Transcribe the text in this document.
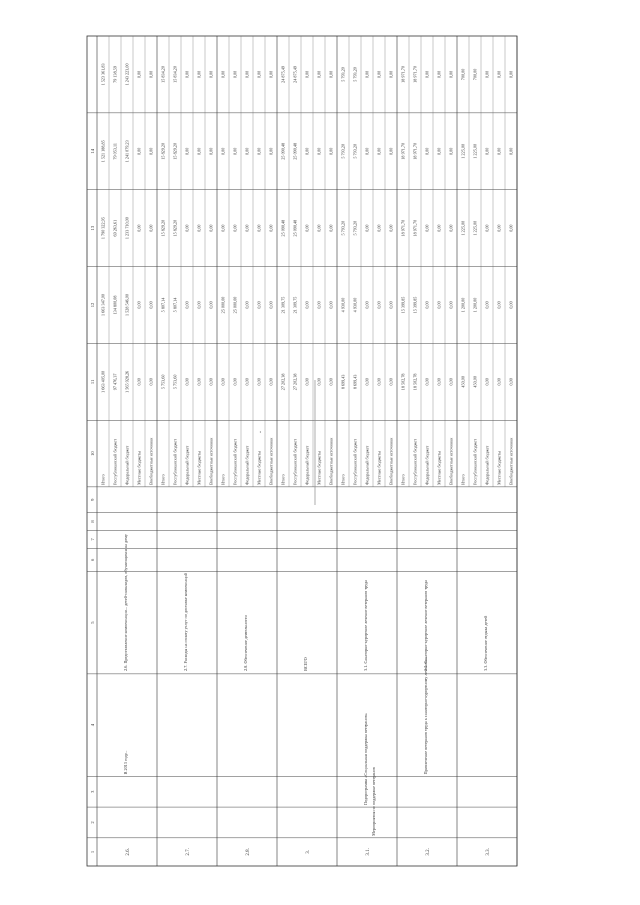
·
1
2
3
4
5
6
7
8
9
10
11
12
13
14
2.6.
2.6. Предоставление компенсации... детей-инвалидов, обучающихся на дому
Итого
1 663 405,00
1 663 347,00
1 790 322,95
1 521 188,85
1 523 361,83
Республиканский бюджет
97 476,37
134 800,08
69 263,61
79 053,11
79 138,59
Федеральный бюджет
1 565 928,26
1 528 546,00
1 233 710,00
1 241 079,23
1 243 223,00
Местные бюджеты
0,00
0,00
0,00
0,00
0,00
Внебюджетные источники
0,00
0,00
0,00
0,00
0,00
2.7.
2.7. Расходы на оплату услуг по доставке компенсаций
Итого
5 753,60
5 807,14
15 829,20
15 829,20
15 834,20
Республиканский бюджет
5 753,60
5 807,14
15 829,20
15 829,20
15 834,20
Федеральный бюджет
0,00
0,00
0,00
0,00
0,00
Местные бюджеты
0,00
0,00
0,00
0,00
0,00
Внебюджетные источники
0,00
0,00
0,00
0,00
0,00
2.8.
2.8. Обеспечение деятельности
Итого
0,00
25 000,00
0,00
0,00
0,00
Республиканский бюджет
0,00
25 000,00
0,00
0,00
0,00
Федеральный бюджет
0,00
0,00
0,00
0,00
0,00
Местные бюджеты
0,00
0,00
0,00
0,00
0,00
Внебюджетные источники
0,00
0,00
0,00
0,00
0,00
3.
ВСЕГО
Итого
27 202,38
21 309,75
25 090,48
25 090,48
24 875,49
Республиканский бюджет
27 202,38
21 309,75
25 090,48
25 090,48
24 875,49
Федеральный бюджет
0,00
0,00
0,00
0,00
0,00
Местные бюджеты
0,00
0,00
0,00
0,00
0,00
Внебюджетные источники
0,00
0,00
0,00
0,00
0,00
3.1.
3.1. Санаторно-курортное лечение ветеранов труда
Итого
8 699,43
4 930,00
5 793,20
5 793,20
5 793,20
Республиканский бюджет
8 699,43
4 930,00
5 793,20
5 793,20
5 793,20
Федеральный бюджет
0,00
0,00
0,00
0,00
0,00
Местные бюджеты
0,00
0,00
0,00
0,00
0,00
Внебюджетные источники
0,00
0,00
0,00
0,00
0,00
3.2.
3.2. Санаторно-курортное лечение ветеранов труда
Итого
18 502,78
15 399,85
18 971,70
18 971,70
18 971,70
Республиканский бюджет
18 502,78
15 399,85
18 971,70
18 971,70
18 971,70
Федеральный бюджет
0,00
0,00
0,00
0,00
0,00
Местные бюджеты
0,00
0,00
0,00
0,00
0,00
Внебюджетные источники
0,00
0,00
0,00
0,00
0,00
3.3.
3.3. Обеспечение отдыха детей
Итого
450,00
1 200,00
1 225,00
1 225,00
700,00
Республиканский бюджет
450,00
1 200,00
1 225,00
1 225,00
700,00
Федеральный бюджет
0,00
0,00
0,00
0,00
0,00
Местные бюджеты
0,00
0,00
0,00
0,00
0,00
Внебюджетные источники
0,00
0,00
0,00
0,00
0,00
Подпрограмма «Социальная поддержка ветеранов» Мероприятия по поддержке ветеранов
В 2013 году...	Привлечение ветеранов труда к санаторно-курортному лечению...
